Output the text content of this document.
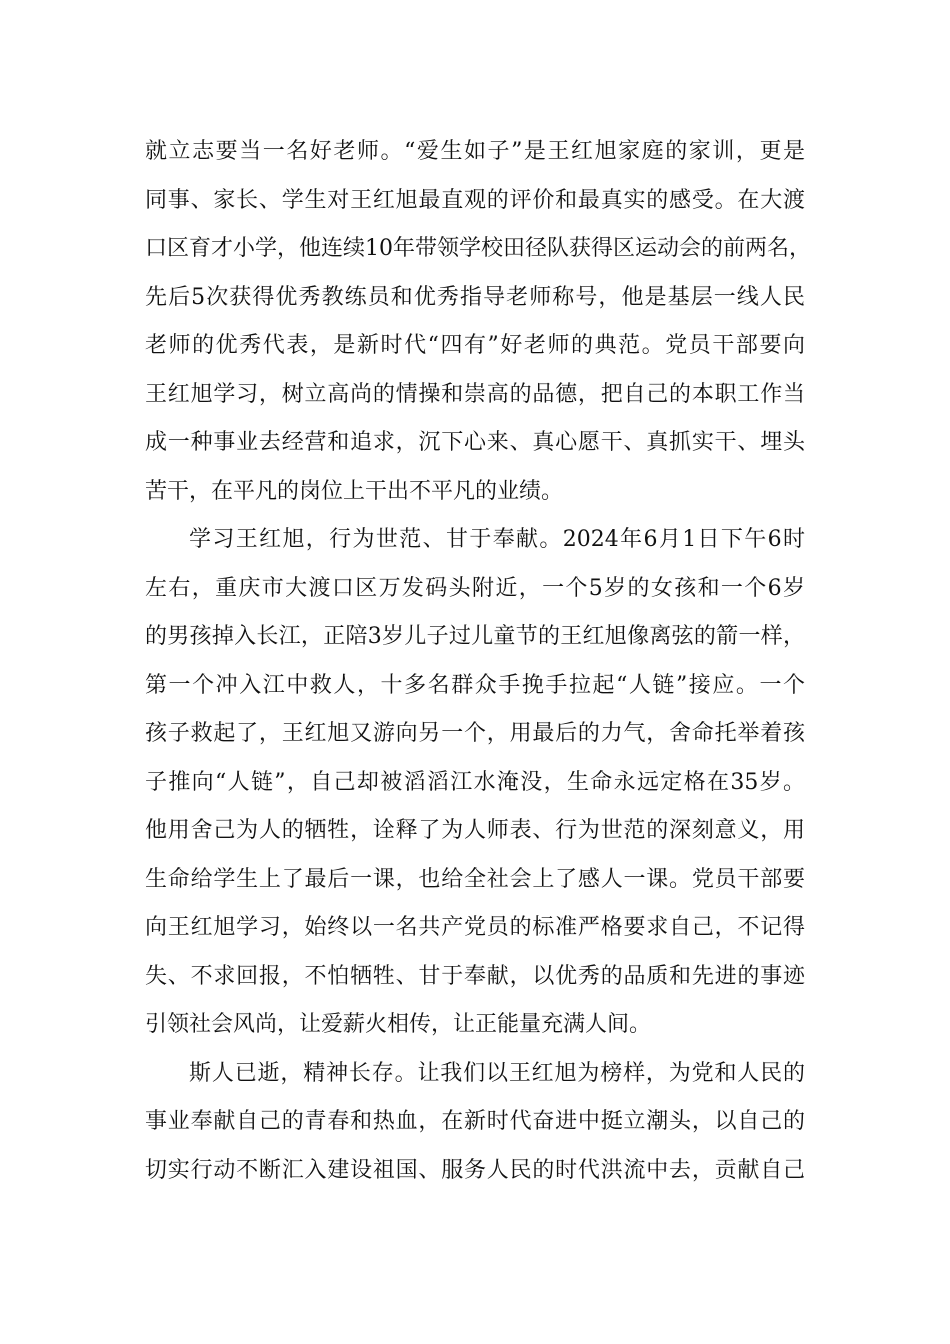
就立志要当一名好老师。“爱生如子”是王红旭家庭的家训，更是
同事、家长、学生对王红旭最直观的评价和最真实的感受。在大渡
口区育才小学，他连续10年带领学校田径队获得区运动会的前两名，
先后5次获得优秀教练员和优秀指导老师称号，他是基层一线人民
老师的优秀代表，是新时代“四有”好老师的典范。党员干部要向
王红旭学习，树立高尚的情操和崇高的品德，把自己的本职工作当
成一种事业去经营和追求，沉下心来、真心愿干、真抓实干、埋头
苦干，在平凡的岗位上干出不平凡的业绩。
学习王红旭，行为世范、甘于奉献。2024年6月1日下午6时
左右，重庆市大渡口区万发码头附近，一个5岁的女孩和一个6岁
的男孩掉入长江，正陪3岁儿子过儿童节的王红旭像离弦的箭一样，
第一个冲入江中救人，十多名群众手挽手拉起“人链”接应。一个
孩子救起了，王红旭又游向另一个，用最后的力气，舍命托举着孩
子推向“人链”，自己却被滔滔江水淹没，生命永远定格在35岁。
他用舍己为人的牺牲，诠释了为人师表、行为世范的深刻意义，用
生命给学生上了最后一课，也给全社会上了感人一课。党员干部要
向王红旭学习，始终以一名共产党员的标准严格要求自己，不记得
失、不求回报，不怕牺牲、甘于奉献，以优秀的品质和先进的事迹
引领社会风尚，让爱薪火相传，让正能量充满人间。
斯人已逝，精神长存。让我们以王红旭为榜样，为党和人民的
事业奉献自己的青春和热血，在新时代奋进中挺立潮头，以自己的
切实行动不断汇入建设祖国、服务人民的时代洪流中去，贡献自己
